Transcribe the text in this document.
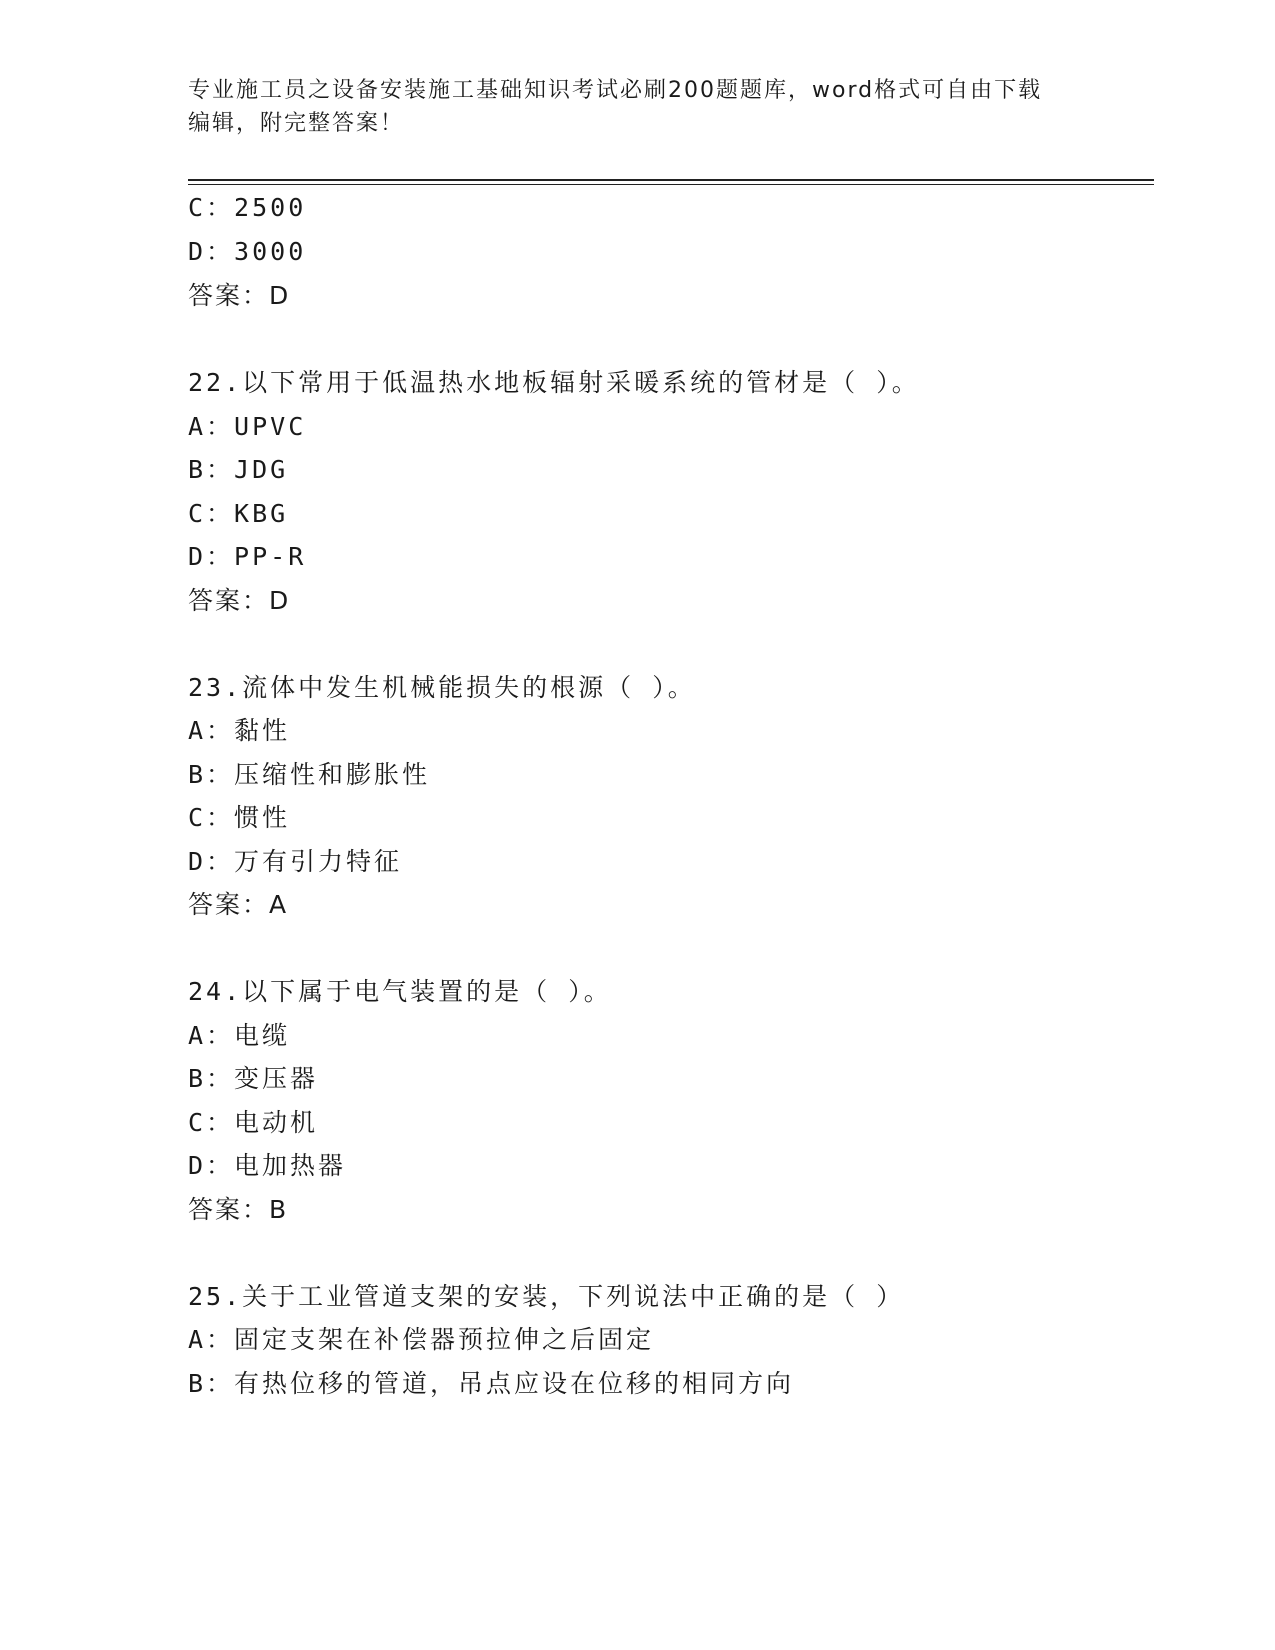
专业施工员之设备安装施工基础知识考试必刷200题题库，word格式可自由下载
编辑，附完整答案！
C：2500
D：3000
答案：D
22.以下常用于低温热水地板辐射采暖系统的管材是（ ）。
A：UPVC
B：JDG
C：KBG
D：PP-R
答案：D
23.流体中发生机械能损失的根源（ ）。
A：黏性
B：压缩性和膨胀性
C：惯性
D：万有引力特征
答案：A
24.以下属于电气装置的是（ ）。
A：电缆
B：变压器
C：电动机
D：电加热器
答案：B
25.关于工业管道支架的安装，下列说法中正确的是（ ）
A：固定支架在补偿器预拉伸之后固定
B：有热位移的管道，吊点应设在位移的相同方向
